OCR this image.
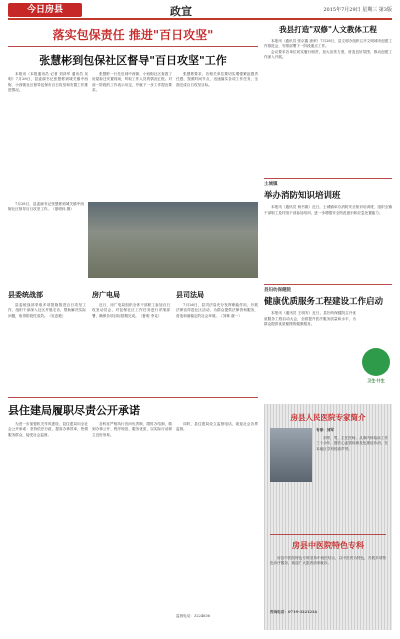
今日房县	政宣	2015年7月29日 星期三 第3版
落实包保责任 推进"百日攻坚"
张慧彬到包保社区督导"百日攻坚"工作

本报讯（本报通讯员 记者 刘泽军 通讯员 吴明）7月28日，县委副书记张慧彬到城关镇中西街、小西街社区督导包保市百日攻坚和安置工作推进情况。

张慧彬一行先后到中西街、小西街社区查看了房屋拆迁安置现场，听取工作人员的情况汇报。对前一阶段的工作表示肯定，并就下一步工作提出要求。

张慧彬要求，各相关单位要切实增强紧迫感责任感，按照时间节点，迅速落实各项工作任务，全面完成百日攻坚目标。

7月28日，县委副书记张慧彬到城关镇中西街社区督导百日攻坚工作。（夏明伟 摄）

县委统战部

县委统战部采取多项措施推进百日攻坚工作，组织干部深入社区开展走访，帮助解决实际问题，取得阶段性成效。（吴忠艳）

房广电局

近日，房广电局组织全体干部职工参加百日攻坚动员会，对包保社区工作任务进行详细部署，确保各项目标按期完成。（夏明 李克）

县司法局

7月26日，县司法局充分发挥职能作用，开展法律宣传进社区活动，为群众提供法律咨询服务，营造和谐稳定的社会环境。（刘林 谢一）

县住建局履职尽责公开承诺

为进一步加强机关作风建设，县住建局向全社会公开承诺：坚持依法行政，提高办事效率，热情服务群众，接受社会监督。

各科室严格执行首问负责制、限时办结制，做到办事公开、程序规范、服务优质，以实际行动树立良好形象。

同时，县住建局设立监督电话，欢迎社会各界监督。

监督电话：3224836
我县打造"双修"人文教体工程

本报讯（通讯员 张京鑫 唐荣）7月28日，县文明办组织召开文明城市创建工作推进会，安排部署下一阶段重点工作。

会议要求各单位切实履行职责，加大宣传力度，营造良好氛围，推动创建工作深入开展。

土城镇
举办消防知识培训班

本报讯（通讯员 杨书雄）近日，土城镇举办消防安全知识培训班，组织全镇干部职工及村组干部参加培训，进一步增强安全防范意识和应急处置能力。

县妇幼保健院
健康优质服务工程建设工作启动

本报讯（通讯员 王明安）近日，县妇幼保健院召开优质服务工程启动大会，全面提升医疗服务质量和水平，为群众提供优质便捷的健康服务。

卫生·计生
房县人民医院专家简介
专家：刘军

刘军，男，主任医师，从事内科临床工作三十余年，擅长心血管疾病及危重症诊治，在本地区享有较高声誉。

房县中医院特色专科

房县中医院特色专科坚持中西医结合，以中医药为特色，开展多项特色诊疗服务，欢迎广大患者前来就诊。

咨询电话：0719-3221234
